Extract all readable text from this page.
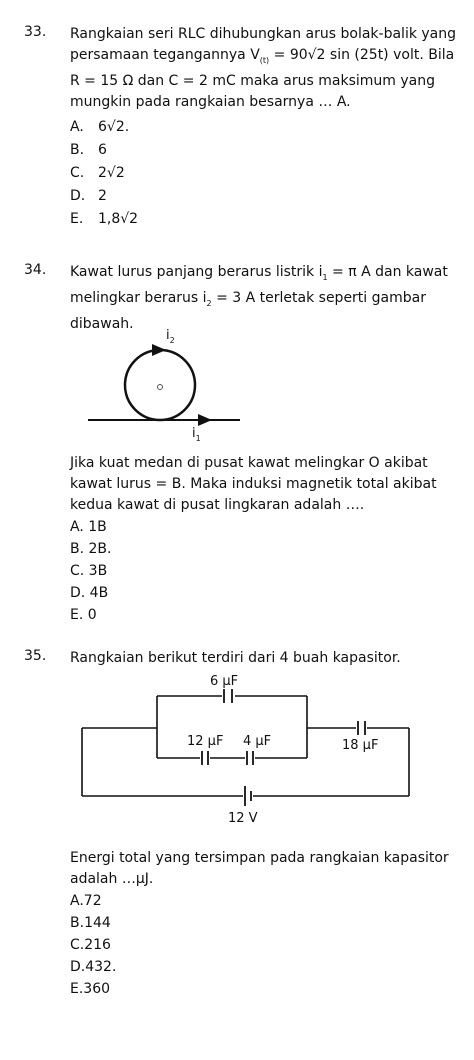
33. Rangkaian seri RLC dihubungkan arus bolak-balik yang
persamaan tegangannya $V_{(t)} = 90√2$ sin (25t) volt. Bila
R = 15 Ω dan C = 2 mC maka arus maksimum yang
mungkin pada rangkaian besarnya … A.
A. 6√2.
B. 6
C. 2√2
D. 2
E. 1,8√2
34. Kawat lurus panjang berarus listrik $i_1 = \pi$ A dan kawat
melingkar berarus $i_2 = 3$ A terletak seperti gambar
dibawah.
$i_2$
$i_1$
Jika kuat medan di pusat kawat melingkar O akibat
kawat lurus = B. Maka induksi magnetik total akibat
kedua kawat di pusat lingkaran adalah ….
A. 1B
B. 2B.
C. 3B
D. 4B
E. 0
35. Rangkaian berikut terdiri dari 4 buah kapasitor.
6 μF
12 μF 4 μF	18 μF
12 V
Energi total yang tersimpan pada rangkaian kapasitor
adalah …μJ.
A.72
B.144
C.216
D.432.
E.360
